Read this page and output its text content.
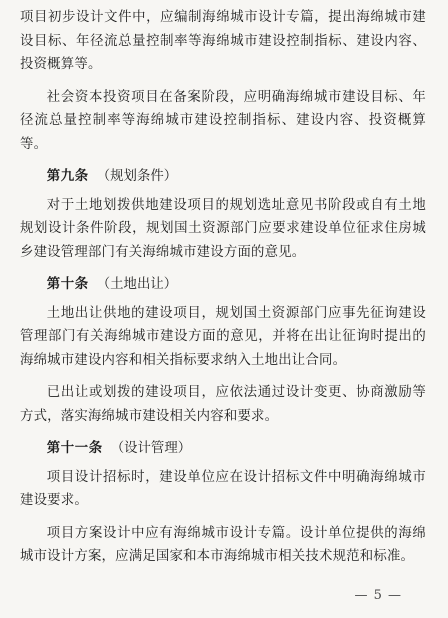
项目初步设计文件中，应编制海绵城市设计专篇，提出海绵城市建设目标、年径流总量控制率等海绵城市建设控制指标、建设内容、投资概算等。

社会资本投资项目在备案阶段，应明确海绵城市建设目标、年径流总量控制率等海绵城市建设控制指标、建设内容、投资概算等。

第九条 （规划条件）

对于土地划拨供地建设项目的规划选址意见书阶段或自有土地规划设计条件阶段，规划国土资源部门应要求建设单位征求住房城乡建设管理部门有关海绵城市建设方面的意见。

第十条 （土地出让）

土地出让供地的建设项目，规划国土资源部门应事先征询建设管理部门有关海绵城市建设方面的意见，并将在出让征询时提出的海绵城市建设内容和相关指标要求纳入土地出让合同。

已出让或划拨的建设项目，应依法通过设计变更、协商激励等方式，落实海绵城市建设相关内容和要求。

第十一条 （设计管理）

项目设计招标时，建设单位应在设计招标文件中明确海绵城市建设要求。

项目方案设计中应有海绵城市设计专篇。设计单位提供的海绵城市设计方案，应满足国家和本市海绵城市相关技术规范和标准。

— 5 —
